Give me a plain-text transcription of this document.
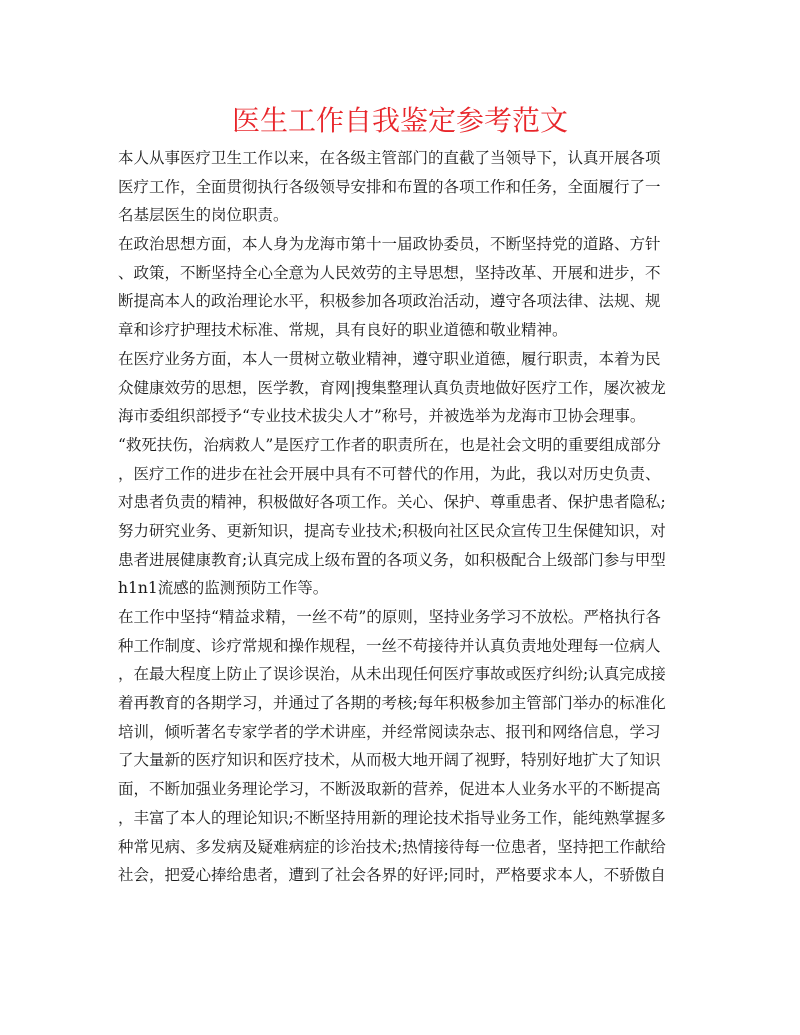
医生工作自我鉴定参考范文
本人从事医疗卫生工作以来，在各级主管部门的直截了当领导下，认真开展各项
医疗工作，全面贯彻执行各级领导安排和布置的各项工作和任务，全面履行了一
名基层医生的岗位职责。
在政治思想方面，本人身为龙海市第十一届政协委员，不断坚持党的道路、方针
、政策，不断坚持全心全意为人民效劳的主导思想，坚持改革、开展和进步，不
断提高本人的政治理论水平，积极参加各项政治活动，遵守各项法律、法规、规
章和诊疗护理技术标准、常规，具有良好的职业道德和敬业精神。
在医疗业务方面，本人一贯树立敬业精神，遵守职业道德，履行职责，本着为民
众健康效劳的思想，医学教，育网|搜集整理认真负责地做好医疗工作，屡次被龙
海市委组织部授予“专业技术拔尖人才”称号，并被选举为龙海市卫协会理事。
“救死扶伤，治病救人”是医疗工作者的职责所在，也是社会文明的重要组成部分
，医疗工作的进步在社会开展中具有不可替代的作用，为此，我以对历史负责、
对患者负责的精神，积极做好各项工作。关心、保护、尊重患者、保护患者隐私;
努力研究业务、更新知识，提高专业技术;积极向社区民众宣传卫生保健知识，对
患者进展健康教育;认真完成上级布置的各项义务，如积极配合上级部门参与甲型
h1n1流感的监测预防工作等。
在工作中坚持“精益求精，一丝不苟”的原则，坚持业务学习不放松。严格执行各
种工作制度、诊疗常规和操作规程，一丝不苟接待并认真负责地处理每一位病人
，在最大程度上防止了误诊误治，从未出现任何医疗事故或医疗纠纷;认真完成接
着再教育的各期学习，并通过了各期的考核;每年积极参加主管部门举办的标准化
培训，倾听著名专家学者的学术讲座，并经常阅读杂志、报刊和网络信息，学习
了大量新的医疗知识和医疗技术，从而极大地开阔了视野，特别好地扩大了知识
面，不断加强业务理论学习，不断汲取新的营养，促进本人业务水平的不断提高
，丰富了本人的理论知识;不断坚持用新的理论技术指导业务工作，能纯熟掌握多
种常见病、多发病及疑难病症的诊治技术;热情接待每一位患者，坚持把工作献给
社会，把爱心捧给患者，遭到了社会各界的好评;同时，严格要求本人，不骄傲自
